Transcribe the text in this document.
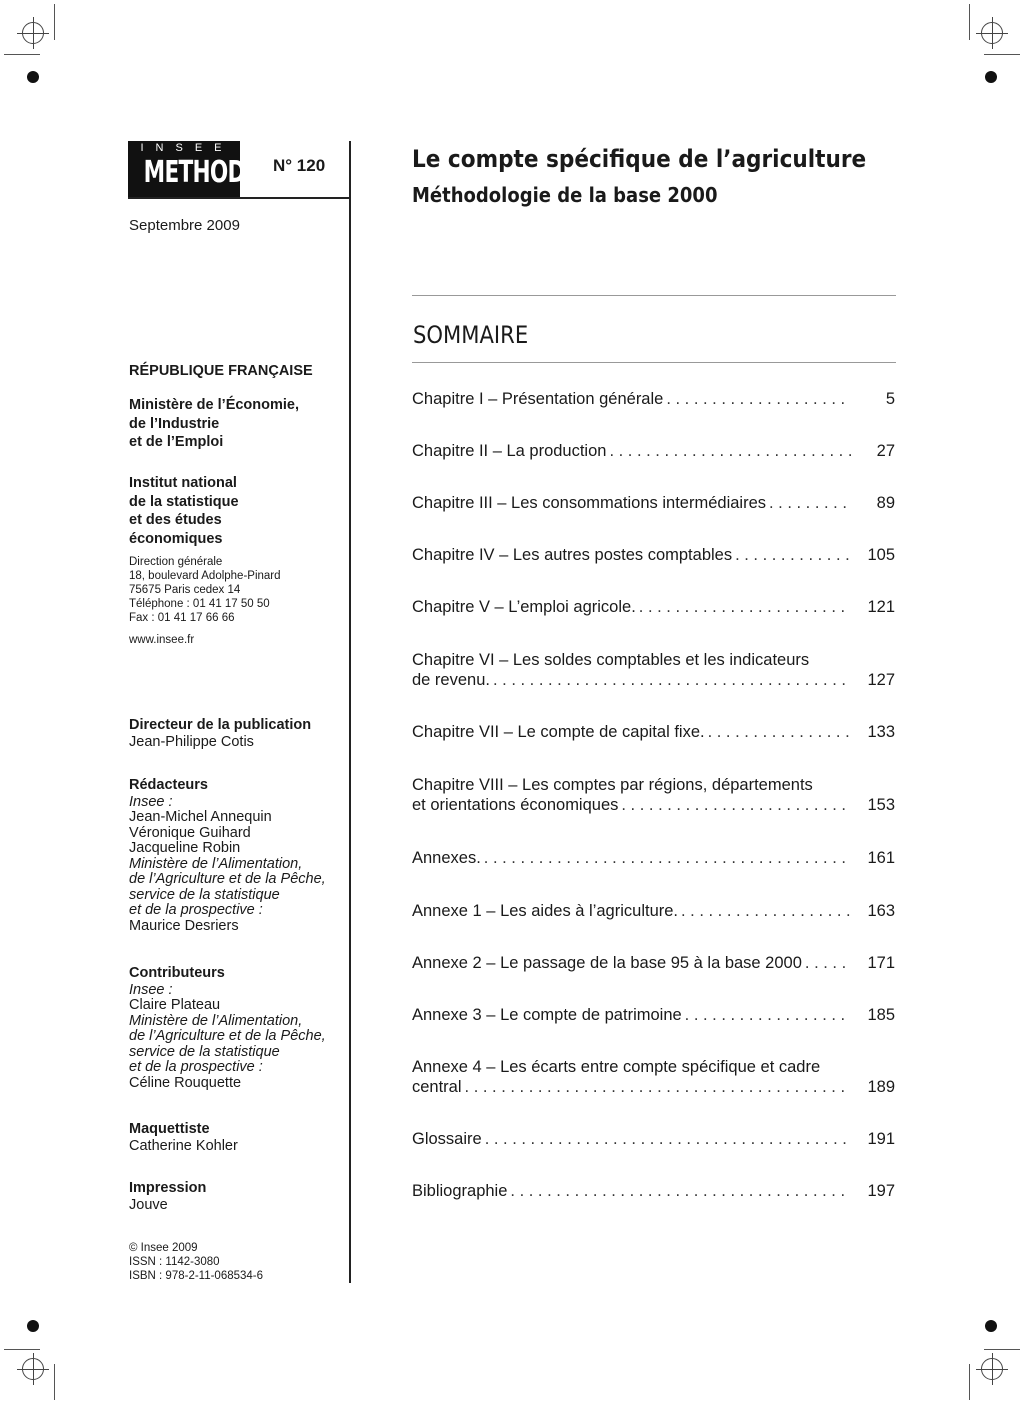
INSEE
METHODES N° 120
Septembre 2009
Le compte spécifique de l’agriculture
Méthodologie de la base 2000
SOMMAIRE
RÉPUBLIQUE FRANÇAISE
Ministère de l’Économie,
de l’Industrie
et de l’Emploi
Institut national
de la statistique
et des études
économiques
Direction générale
18, boulevard Adolphe-Pinard
75675 Paris cedex 14
Téléphone : 01 41 17 50 50
Fax : 01 41 17 66 66
www.insee.fr
Directeur de la publication
Jean-Philippe Cotis
Rédacteurs
Insee :
Jean-Michel Annequin
Véronique Guihard
Jacqueline Robin
Ministère de l’Alimentation,
de l’Agriculture et de la Pêche,
service de la statistique
et de la prospective :
Maurice Desriers
Contributeurs
Insee :
Claire Plateau
Ministère de l’Alimentation,
de l’Agriculture et de la Pêche,
service de la statistique
et de la prospective :
Céline Rouquette
Maquettiste
Catherine Kohler
Impression
Jouve
© Insee 2009
ISSN : 1142-3080
ISBN : 978-2-11-068534-6
Chapitre I – Présentation générale . . .	5
Chapitre II – La production . . .	27
Chapitre III – Les consommations intermédiaires . . .	89
Chapitre IV – Les autres postes comptables . . .	105
Chapitre V – L’emploi agricole. . . .	121
Chapitre VI – Les soldes comptables et les indicateurs
de revenu. . . .	127
Chapitre VII – Le compte de capital fixe. . . .	133
Chapitre VIII – Les comptes par régions, départements
et orientations économiques . . .	153
Annexes. . . .	161
Annexe 1 – Les aides à l’agriculture. . . .	163
Annexe 2 – Le passage de la base 95 à la base 2000 . . .	171
Annexe 3 – Le compte de patrimoine . . .	185
Annexe 4 – Les écarts entre compte spécifique et cadre
central . . .	189
Glossaire . . .	191
Bibliographie . . .	197
